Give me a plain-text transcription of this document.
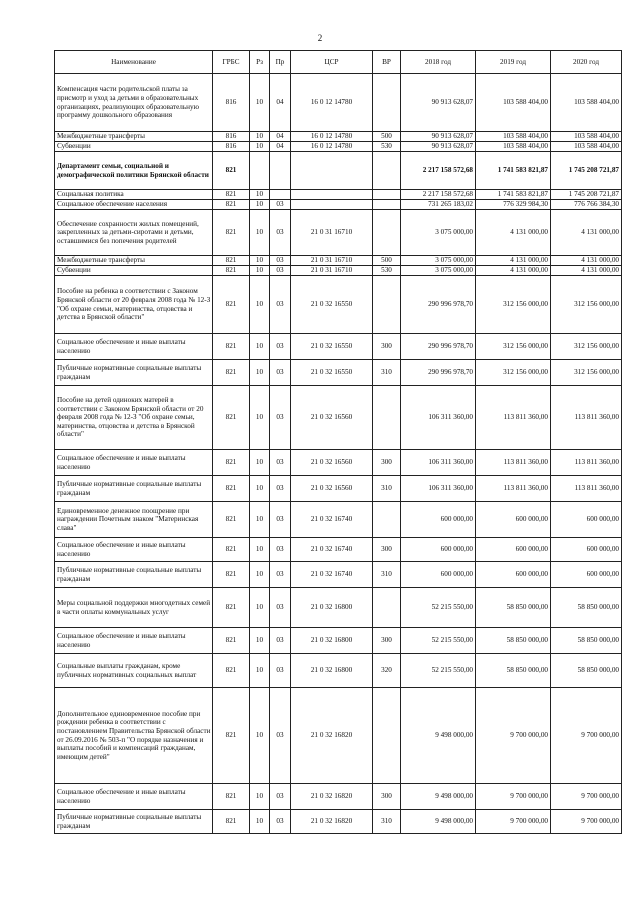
2
Наименование	ГРБС	Рз	Пр	ЦСР	ВР	2018 год	2019 год	2020 год
Компенсация части родительской платы за присмотр и уход за детьми в образовательных организациях, реализующих образовательную программу дошкольного образования	816	10	04	16 0 12 14780		90 913 628,07	103 588 404,00	103 588 404,00
Межбюджетные трансферты	816	10	04	16 0 12 14780	500	90 913 628,07	103 588 404,00	103 588 404,00
Субвенции	816	10	04	16 0 12 14780	530	90 913 628,07	103 588 404,00	103 588 404,00
Департамент семьи, социальной и демографической политики Брянской области	821					2 217 158 572,68	1 741 583 821,87	1 745 208 721,87
Социальная политика	821	10				2 217 158 572,68	1 741 583 821,87	1 745 208 721,87
Социальное обеспечение населения	821	10	03			731 265 183,02	776 329 984,30	776 766 384,30
Обеспечение сохранности жилых помещений, закрепленных за детьми-сиротами и детьми, оставшимися без попечения родителей	821	10	03	21 0 31 16710		3 075 000,00	4 131 000,00	4 131 000,00
Межбюджетные трансферты	821	10	03	21 0 31 16710	500	3 075 000,00	4 131 000,00	4 131 000,00
Субвенции	821	10	03	21 0 31 16710	530	3 075 000,00	4 131 000,00	4 131 000,00
Пособие на ребенка в соответствии с Законом Брянской области от 20 февраля 2008 года № 12-З "Об охране семьи, материнства, отцовства и детства в Брянской области"	821	10	03	21 0 32 16550		290 996 978,70	312 156 000,00	312 156 000,00
Социальное обеспечение и иные выплаты населению	821	10	03	21 0 32 16550	300	290 996 978,70	312 156 000,00	312 156 000,00
Публичные нормативные социальные выплаты гражданам	821	10	03	21 0 32 16550	310	290 996 978,70	312 156 000,00	312 156 000,00
Пособие на детей одиноких матерей в соответствии с Законом Брянской области от 20 февраля 2008 года № 12-З "Об охране семьи, материнства, отцовства и детства в Брянской области"	821	10	03	21 0 32 16560		106 311 360,00	113 811 360,00	113 811 360,00
Социальное обеспечение и иные выплаты населению	821	10	03	21 0 32 16560	300	106 311 360,00	113 811 360,00	113 811 360,00
Публичные нормативные социальные выплаты гражданам	821	10	03	21 0 32 16560	310	106 311 360,00	113 811 360,00	113 811 360,00
Единовременное денежное поощрение при награждении Почетным знаком "Материнская слава"	821	10	03	21 0 32 16740		600 000,00	600 000,00	600 000,00
Социальное обеспечение и иные выплаты населению	821	10	03	21 0 32 16740	300	600 000,00	600 000,00	600 000,00
Публичные нормативные социальные выплаты гражданам	821	10	03	21 0 32 16740	310	600 000,00	600 000,00	600 000,00
Меры социальной поддержки многодетных семей в части оплаты коммунальных услуг	821	10	03	21 0 32 16800		52 215 550,00	58 850 000,00	58 850 000,00
Социальное обеспечение и иные выплаты населению	821	10	03	21 0 32 16800	300	52 215 550,00	58 850 000,00	58 850 000,00
Социальные выплаты гражданам, кроме публичных нормативных социальных выплат	821	10	03	21 0 32 16800	320	52 215 550,00	58 850 000,00	58 850 000,00
Дополнительное единовременное пособие при рождении ребенка в соответствии с постановлением Правительства Брянской области от 26.09.2016 № 503-п "О порядке назначения и выплаты пособий и компенсаций гражданам, имеющим детей"	821	10	03	21 0 32 16820		9 498 000,00	9 700 000,00	9 700 000,00
Социальное обеспечение и иные выплаты населению	821	10	03	21 0 32 16820	300	9 498 000,00	9 700 000,00	9 700 000,00
Публичные нормативные социальные выплаты гражданам	821	10	03	21 0 32 16820	310	9 498 000,00	9 700 000,00	9 700 000,00
